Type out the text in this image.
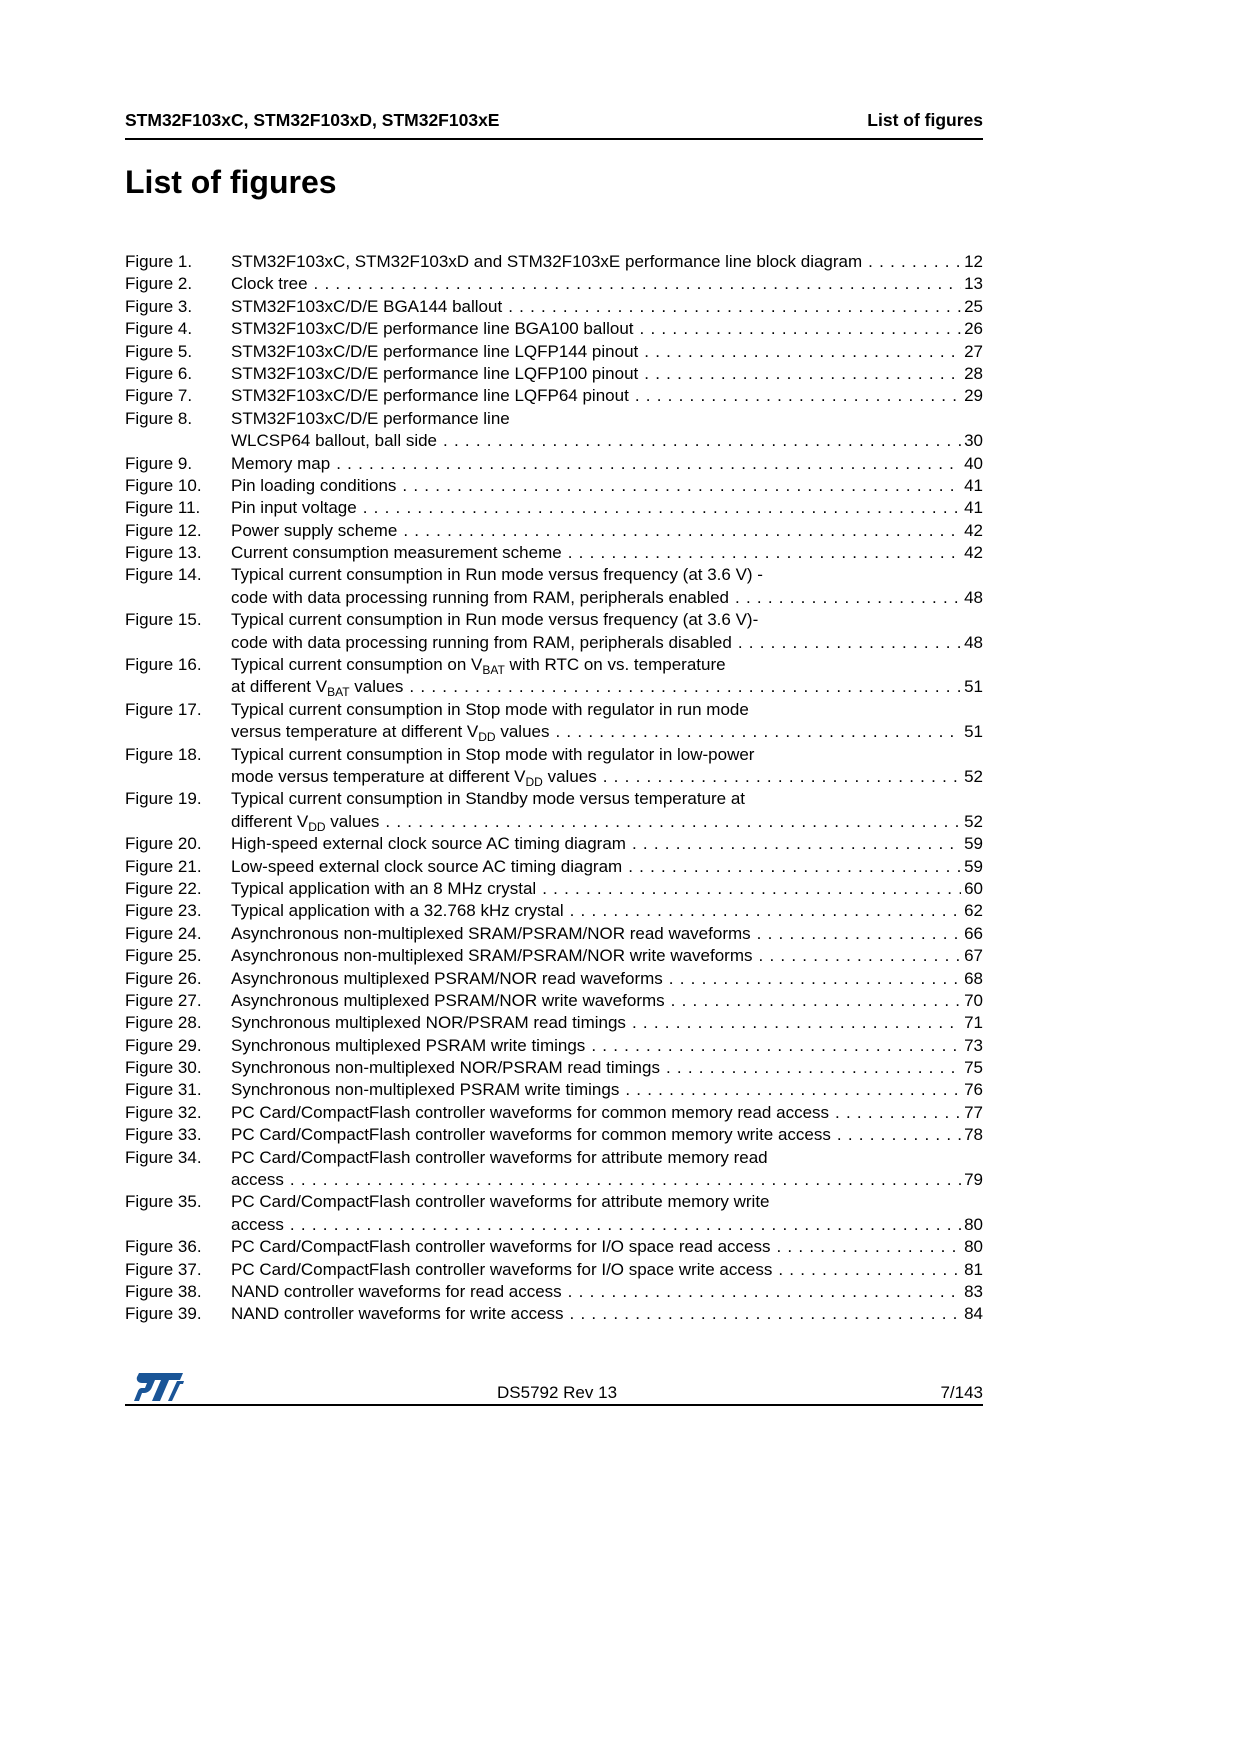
STM32F103xC, STM32F103xD, STM32F103xE	List of figures
List of figures
Figure 1. STM32F103xC, STM32F103xD and STM32F103xE performance line block diagram . . .	12
Figure 2. Clock tree . . .	13
Figure 3. STM32F103xC/D/E BGA144 ballout . . .	25
Figure 4. STM32F103xC/D/E performance line BGA100 ballout . . .	26
Figure 5. STM32F103xC/D/E performance line LQFP144 pinout . . .	27
Figure 6. STM32F103xC/D/E performance line LQFP100 pinout . . .	28
Figure 7. STM32F103xC/D/E performance line LQFP64 pinout . . .	29
Figure 8. STM32F103xC/D/E performance line
WLCSP64 ballout, ball side . . .	30
Figure 9. Memory map . . .	40
Figure 10. Pin loading conditions . . .	41
Figure 11. Pin input voltage . . .	41
Figure 12. Power supply scheme . . .	42
Figure 13. Current consumption measurement scheme . . .	42
Figure 14. Typical current consumption in Run mode versus frequency (at 3.6 V) -
code with data processing running from RAM, peripherals enabled . . .	48
Figure 15. Typical current consumption in Run mode versus frequency (at 3.6 V)-
code with data processing running from RAM, peripherals disabled . . .	48
Figure 16. Typical current consumption on $V_{BAT}$ with RTC on vs. temperature
at different $V_{BAT}$ values . . .	51
Figure 17. Typical current consumption in Stop mode with regulator in run mode
versus temperature at different $V_{DD}$ values . . .	51
Figure 18. Typical current consumption in Stop mode with regulator in low-power
mode versus temperature at different $V_{DD}$ values . . .	52
Figure 19. Typical current consumption in Standby mode versus temperature at
different $V_{DD}$ values . . .	52
Figure 20. High-speed external clock source AC timing diagram . . .	59
Figure 21. Low-speed external clock source AC timing diagram . . .	59
Figure 22. Typical application with an 8 MHz crystal . . .	60
Figure 23. Typical application with a 32.768 kHz crystal . . .	62
Figure 24. Asynchronous non-multiplexed SRAM/PSRAM/NOR read waveforms . . .	66
Figure 25. Asynchronous non-multiplexed SRAM/PSRAM/NOR write waveforms . . .	67
Figure 26. Asynchronous multiplexed PSRAM/NOR read waveforms . . .	68
Figure 27. Asynchronous multiplexed PSRAM/NOR write waveforms . . .	70
Figure 28. Synchronous multiplexed NOR/PSRAM read timings . . .	71
Figure 29. Synchronous multiplexed PSRAM write timings . . .	73
Figure 30. Synchronous non-multiplexed NOR/PSRAM read timings . . .	75
Figure 31. Synchronous non-multiplexed PSRAM write timings . . .	76
Figure 32. PC Card/CompactFlash controller waveforms for common memory read access . . .	77
Figure 33. PC Card/CompactFlash controller waveforms for common memory write access . . .	78
Figure 34. PC Card/CompactFlash controller waveforms for attribute memory read
access . . .	79
Figure 35. PC Card/CompactFlash controller waveforms for attribute memory write
access . . .	80
Figure 36. PC Card/CompactFlash controller waveforms for I/O space read access . . .	80
Figure 37. PC Card/CompactFlash controller waveforms for I/O space write access . . .	81
Figure 38. NAND controller waveforms for read access . . .	83
Figure 39. NAND controller waveforms for write access . . .	84
DS5792 Rev 13	7/143
